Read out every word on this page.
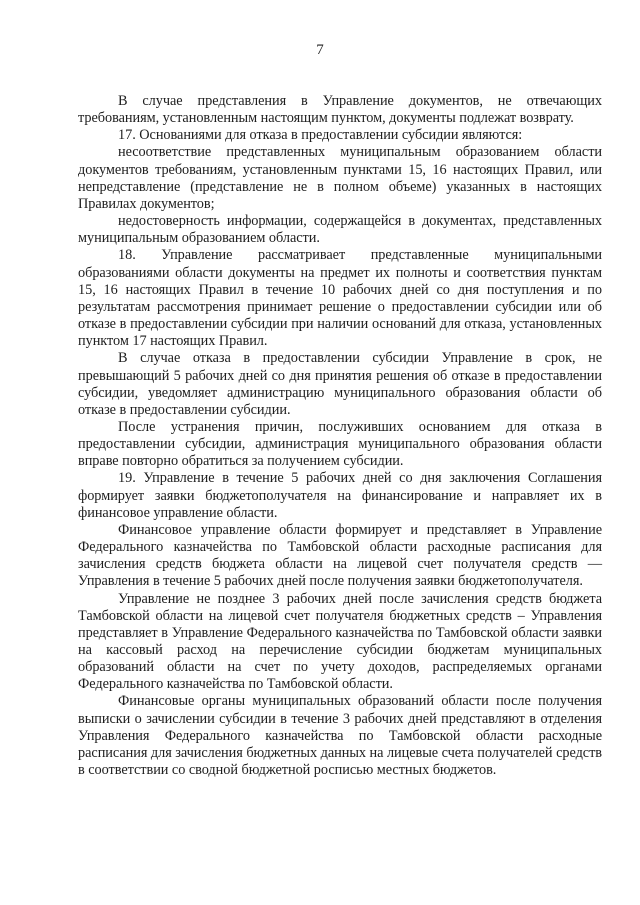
7

В случае представления в Управление документов, не отвечающих требованиям, установленным настоящим пунктом, документы подлежат возврату.

17. Основаниями для отказа в предоставлении субсидии являются:

несоответствие представленных муниципальным образованием области документов требованиям, установленным пунктами 15, 16 настоящих Правил, или непредставление (представление не в полном объеме) указанных в настоящих Правилах документов;

недостоверность информации, содержащейся в документах, представленных муниципальным образованием области.

18. Управление рассматривает представленные муниципальными образованиями области документы на предмет их полноты и соответствия пунктам 15, 16 настоящих Правил в течение 10 рабочих дней со дня поступления и по результатам рассмотрения принимает решение о предоставлении субсидии или об отказе в предоставлении субсидии при наличии оснований для отказа, установленных пунктом 17 настоящих Правил.

В случае отказа в предоставлении субсидии Управление в срок, не превышающий 5 рабочих дней со дня принятия решения об отказе в предоставлении субсидии, уведомляет администрацию муниципального образования области об отказе в предоставлении субсидии.

После устранения причин, послуживших основанием для отказа в предоставлении субсидии, администрация муниципального образования области вправе повторно обратиться за получением субсидии.

19. Управление в течение 5 рабочих дней со дня заключения Соглашения формирует заявки бюджетополучателя на финансирование и направляет их в финансовое управление области.

Финансовое управление области формирует и представляет в Управление Федерального казначейства по Тамбовской области расходные расписания для зачисления средств бюджета области на лицевой счет получателя средств — Управления в течение 5 рабочих дней после получения заявки бюджетополучателя.

Управление не позднее 3 рабочих дней после зачисления средств бюджета Тамбовской области на лицевой счет получателя бюджетных средств – Управления представляет в Управление Федерального казначейства по Тамбовской области заявки на кассовый расход на перечисление субсидии бюджетам муниципальных образований области на счет по учету доходов, распределяемых органами Федерального казначейства по Тамбовской области.

Финансовые органы муниципальных образований области после получения выписки о зачислении субсидии в течение 3 рабочих дней представляют в отделения Управления Федерального казначейства по Тамбовской области расходные расписания для зачисления бюджетных данных на лицевые счета получателей средств в соответствии со сводной бюджетной росписью местных бюджетов.
